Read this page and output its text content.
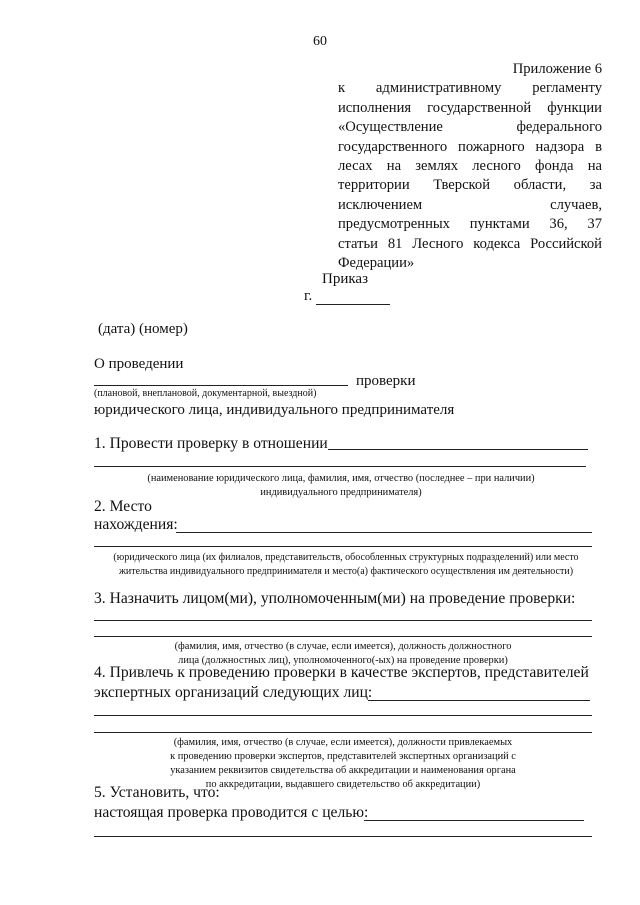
60
Приложение 6
к административному регламенту
исполнения государственной функции
«Осуществление федерального
государственного пожарного надзора в
лесах на землях лесного фонда на
территории Тверской области, за
исключением случаев,
предусмотренных пунктами 36, 37
статьи 81 Лесного кодекса Российской
Федерации»
Приказ
г.
(дата) (номер)
О проведении
проверки
(плановой, внеплановой, документарной, выездной)
юридического лица, индивидуального предпринимателя
1. Провести проверку в отношении
(наименование юридического лица, фамилия, имя, отчество (последнее – при наличии)
индивидуального предпринимателя)
2. Место
нахождения:
(юридического лица (их филиалов, представительств, обособленных структурных подразделений) или место
жительства индивидуального предпринимателя и место(а) фактического осуществления им деятельности)
3. Назначить лицом(ми), уполномоченным(ми) на проведение проверки:
(фамилия, имя, отчество (в случае, если имеется), должность должностного
лица (должностных лиц), уполномоченного(-ых) на проведение проверки)
4. Привлечь к проведению проверки в качестве экспертов, представителей
экспертных организаций следующих лиц:
(фамилия, имя, отчество (в случае, если имеется), должности привлекаемых
к проведению проверки экспертов, представителей экспертных организаций с
указанием реквизитов свидетельства об аккредитации и наименования органа
по аккредитации, выдавшего свидетельство об аккредитации)
5. Установить, что:
настоящая проверка проводится с целью:
